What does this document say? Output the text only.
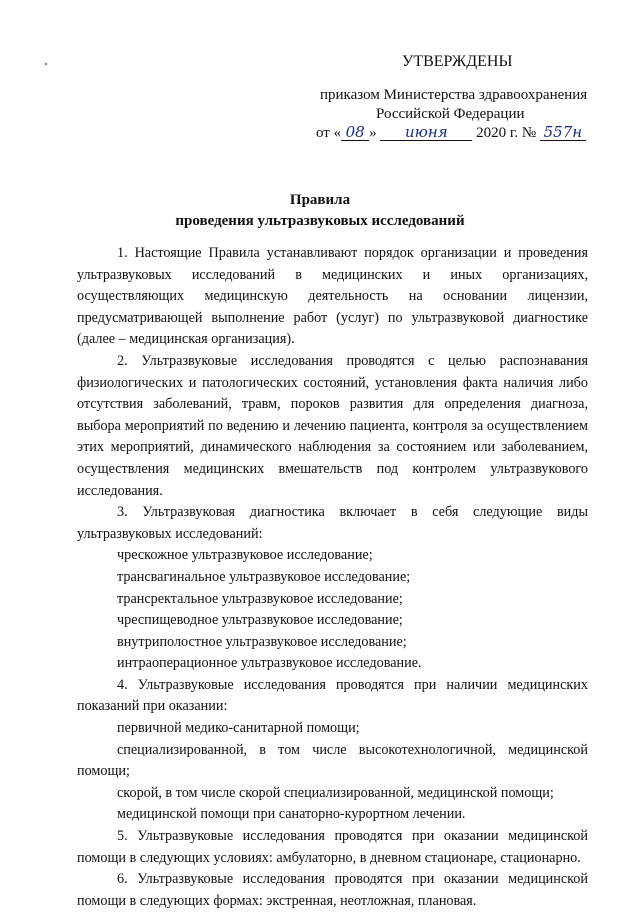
УТВЕРЖДЕНЫ
приказом Министерства здравоохранения
Российской Федерации
от « 08 » июня 2020 г. № 557н
Правила
проведения ультразвуковых исследований

1. Настоящие Правила устанавливают порядок организации и проведения ультразвуковых исследований в медицинских и иных организациях, осуществляющих медицинскую деятельность на основании лицензии, предусматривающей выполнение работ (услуг) по ультразвуковой диагностике (далее – медицинская организация).

2. Ультразвуковые исследования проводятся с целью распознавания физиологических и патологических состояний, установления факта наличия либо отсутствия заболеваний, травм, пороков развития для определения диагноза, выбора мероприятий по ведению и лечению пациента, контроля за осуществлением этих мероприятий, динамического наблюдения за состоянием или заболеванием, осуществления медицинских вмешательств под контролем ультразвукового исследования.

3. Ультразвуковая диагностика включает в себя следующие виды ультразвуковых исследований:

чрескожное ультразвуковое исследование;

трансвагинальное ультразвуковое исследование;

трансректальное ультразвуковое исследование;

чреспищеводное ультразвуковое исследование;

внутриполостное ультразвуковое исследование;

интраоперационное ультразвуковое исследование.

4. Ультразвуковые исследования проводятся при наличии медицинских показаний при оказании:

первичной медико-санитарной помощи;

специализированной, в том числе высокотехнологичной, медицинской помощи;

скорой, в том числе скорой специализированной, медицинской помощи;

медицинской помощи при санаторно-курортном лечении.

5. Ультразвуковые исследования проводятся при оказании медицинской помощи в следующих условиях: амбулаторно, в дневном стационаре, стационарно.

6. Ультразвуковые исследования проводятся при оказании медицинской помощи в следующих формах: экстренная, неотложная, плановая.
